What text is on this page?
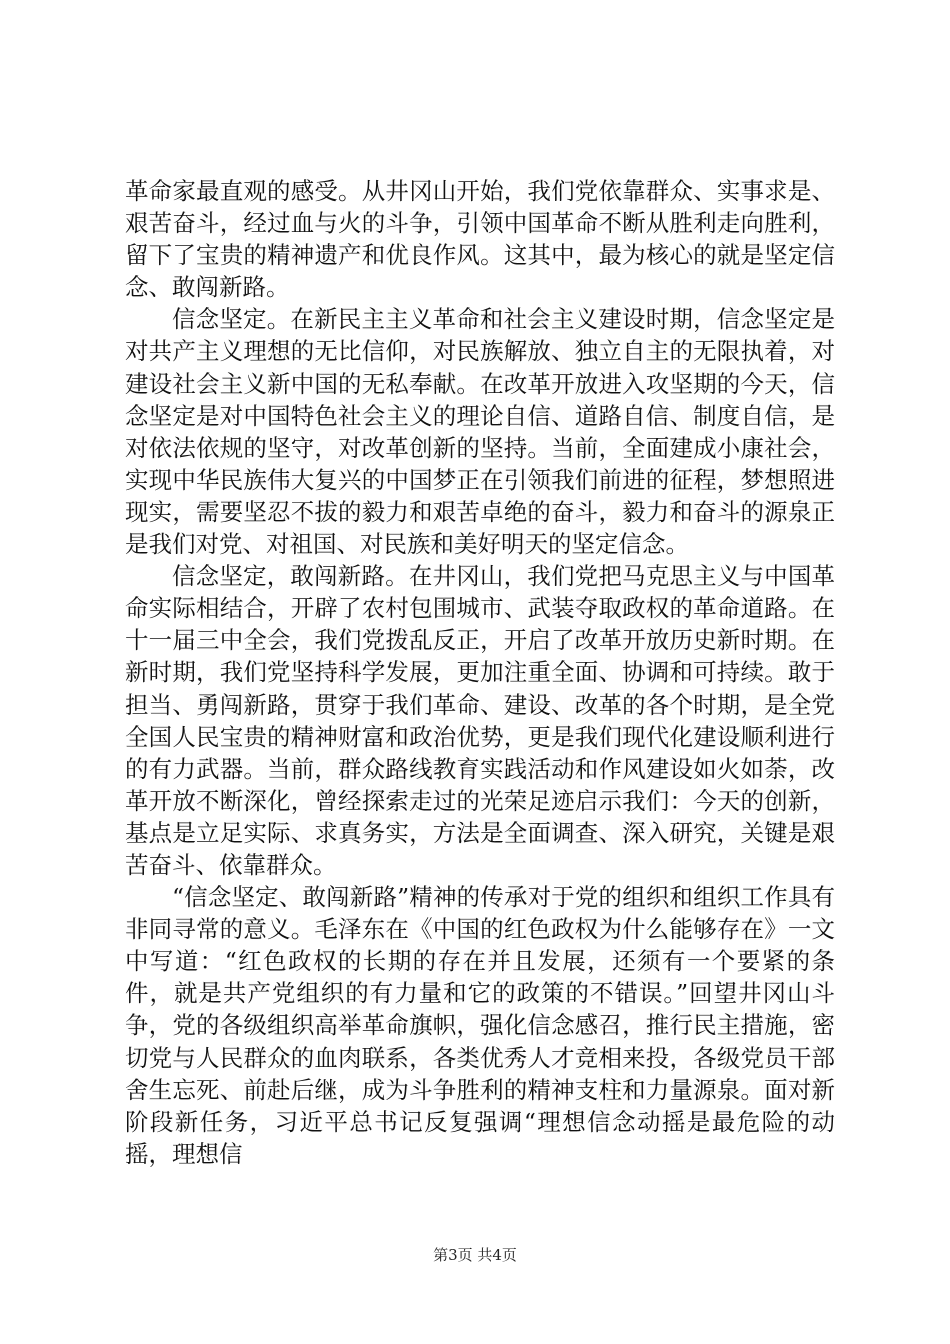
革命家最直观的感受。从井冈山开始，我们党依靠群众、实事求是、艰苦奋斗，经过血与火的斗争，引领中国革命不断从胜利走向胜利，留下了宝贵的精神遗产和优良作风。这其中，最为核心的就是坚定信念、敢闯新路。

信念坚定。在新民主主义革命和社会主义建设时期，信念坚定是对共产主义理想的无比信仰，对民族解放、独立自主的无限执着，对建设社会主义新中国的无私奉献。在改革开放进入攻坚期的今天，信念坚定是对中国特色社会主义的理论自信、道路自信、制度自信，是对依法依规的坚守，对改革创新的坚持。当前，全面建成小康社会，实现中华民族伟大复兴的中国梦正在引领我们前进的征程，梦想照进现实，需要坚忍不拔的毅力和艰苦卓绝的奋斗，毅力和奋斗的源泉正是我们对党、对祖国、对民族和美好明天的坚定信念。

信念坚定，敢闯新路。在井冈山，我们党把马克思主义与中国革命实际相结合，开辟了农村包围城市、武装夺取政权的革命道路。在十一届三中全会，我们党拨乱反正，开启了改革开放历史新时期。在新时期，我们党坚持科学发展，更加注重全面、协调和可持续。敢于担当、勇闯新路，贯穿于我们革命、建设、改革的各个时期，是全党全国人民宝贵的精神财富和政治优势，更是我们现代化建设顺利进行的有力武器。当前，群众路线教育实践活动和作风建设如火如荼，改革开放不断深化，曾经探索走过的光荣足迹启示我们：今天的创新，基点是立足实际、求真务实，方法是全面调查、深入研究，关键是艰苦奋斗、依靠群众。

“信念坚定、敢闯新路”精神的传承对于党的组织和组织工作具有非同寻常的意义。毛泽东在《中国的红色政权为什么能够存在》一文中写道：“红色政权的长期的存在并且发展，还须有一个要紧的条件，就是共产党组织的有力量和它的政策的不错误。”回望井冈山斗争，党的各级组织高举革命旗帜，强化信念感召，推行民主措施，密切党与人民群众的血肉联系，各类优秀人才竞相来投，各级党员干部舍生忘死、前赴后继，成为斗争胜利的精神支柱和力量源泉。面对新阶段新任务，习近平总书记反复强调“理想信念动摇是最危险的动摇，理想信

第3页 共4页
